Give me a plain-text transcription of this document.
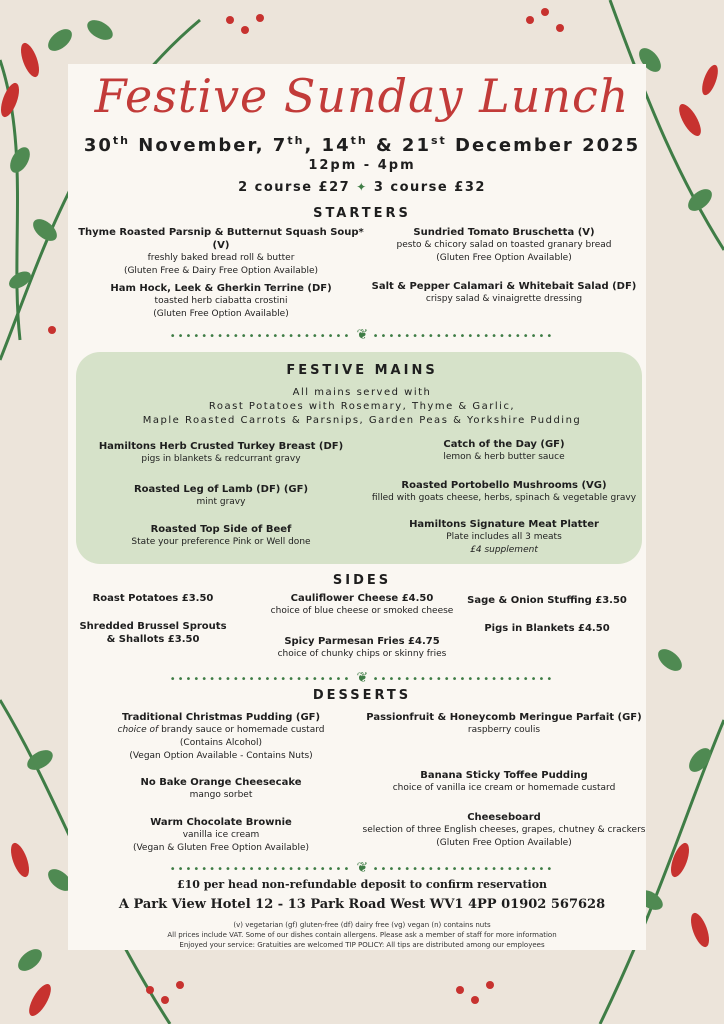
Festive Sunday Lunch
30th November, 7th, 14th & 21st December 2025
12pm - 4pm
2 course £27 ✦ 3 course £32
STARTERS
Thyme Roasted Parsnip & Butternut Squash Soup* (V)
freshly baked bread roll & butter
(Gluten Free & Dairy Free Option Available)
Sundried Tomato Bruschetta (V)
pesto & chicory salad on toasted granary bread
(Gluten Free Option Available)
Ham Hock, Leek & Gherkin Terrine (DF)
toasted herb ciabatta crostini
(Gluten Free Option Available)
Salt & Pepper Calamari & Whitebait Salad (DF)
crispy salad & vinaigrette dressing
••••••••••••••••••••••• ❦ •••••••••••••••••••••••
FESTIVE MAINS
All mains served with
Roast Potatoes with Rosemary, Thyme & Garlic,
Maple Roasted Carrots & Parsnips, Garden Peas & Yorkshire Pudding
Hamiltons Herb Crusted Turkey Breast (DF)
pigs in blankets & redcurrant gravy
Catch of the Day (GF)
lemon & herb butter sauce
Roasted Leg of Lamb (DF) (GF)
mint gravy
Roasted Portobello Mushrooms (VG)
filled with goats cheese, herbs, spinach & vegetable gravy
Roasted Top Side of Beef
State your preference Pink or Well done
Hamiltons Signature Meat Platter
Plate includes all 3 meats
£4 supplement
SIDES
Roast Potatoes £3.50	Cauliflower Cheese £4.50
choice of blue cheese or smoked cheese
Sage & Onion Stuffing £3.50
Shredded Brussel Sprouts
& Shallots £3.50	Spicy Parmesan Fries £4.75
choice of chunky chips or skinny fries
Pigs in Blankets £4.50
••••••••••••••••••••••• ❦ •••••••••••••••••••••••
DESSERTS
Traditional Christmas Pudding (GF)
choice of brandy sauce or homemade custard
(Contains Alcohol)
(Vegan Option Available - Contains Nuts)
Passionfruit & Honeycomb Meringue Parfait (GF)
raspberry coulis
No Bake Orange Cheesecake
mango sorbet
Banana Sticky Toffee Pudding
choice of vanilla ice cream or homemade custard
Warm Chocolate Brownie
vanilla ice cream
(Vegan & Gluten Free Option Available)
Cheeseboard
selection of three English cheeses, grapes, chutney & crackers
(Gluten Free Option Available)
••••••••••••••••••••••• ❦ •••••••••••••••••••••••
£10 per head non-refundable deposit to confirm reservation
A Park View Hotel 12 - 13 Park Road West WV1 4PP 01902 567628
(v) vegetarian (gf) gluten-free (df) dairy free (vg) vegan (n) contains nuts
All prices include VAT. Some of our dishes contain allergens. Please ask a member of staff for more information
Enjoyed your service: Gratuities are welcomed TIP POLICY: All tips are distributed among our employees
